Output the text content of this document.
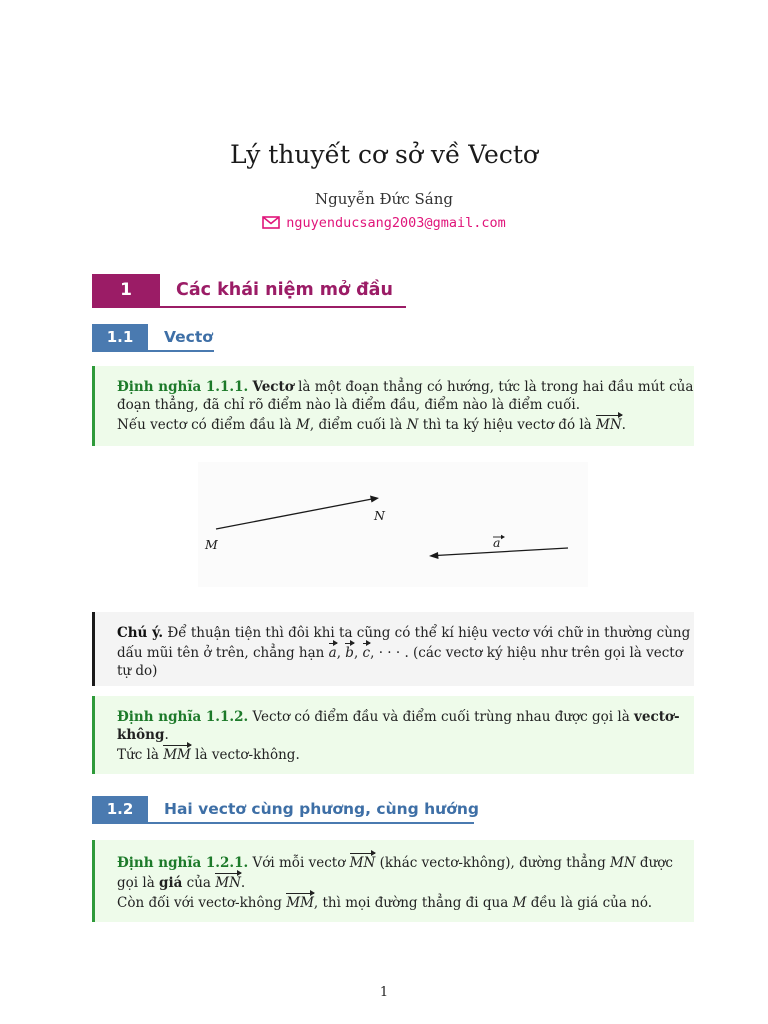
Lý thuyết cơ sở về Vectơ
Nguyễn Đức Sáng
nguyenducsang2003@gmail.com
1	Các khái niệm mở đầu
1.1	Vectơ
Định nghĩa 1.1.1. Vectơ là một đoạn thẳng có hướng, tức là trong hai đầu mút của
đoạn thẳng, đã chỉ rõ điểm nào là điểm đầu, điểm nào là điểm cuối.
Nếu vectơ có điểm đầu là M, điểm cuối là N thì ta ký hiệu vectơ đó là MN.
M
N
a
Chú ý. Để thuận tiện thì đôi khi ta cũng có thể kí hiệu vectơ với chữ in thường cùng
dấu mũi tên ở trên, chẳng hạn a, b, c, · · · . (các vectơ ký hiệu như trên gọi là vectơ
tự do)
Định nghĩa 1.1.2. Vectơ có điểm đầu và điểm cuối trùng nhau được gọi là vectơ-
không.
Tức là MM là vectơ-không.
1.2	Hai vectơ cùng phương, cùng hướng
Định nghĩa 1.2.1. Với mỗi vectơ MN (khác vectơ-không), đường thẳng MN được
gọi là giá của MN.
Còn đối với vectơ-không MM, thì mọi đường thẳng đi qua M đều là giá của nó.
1
